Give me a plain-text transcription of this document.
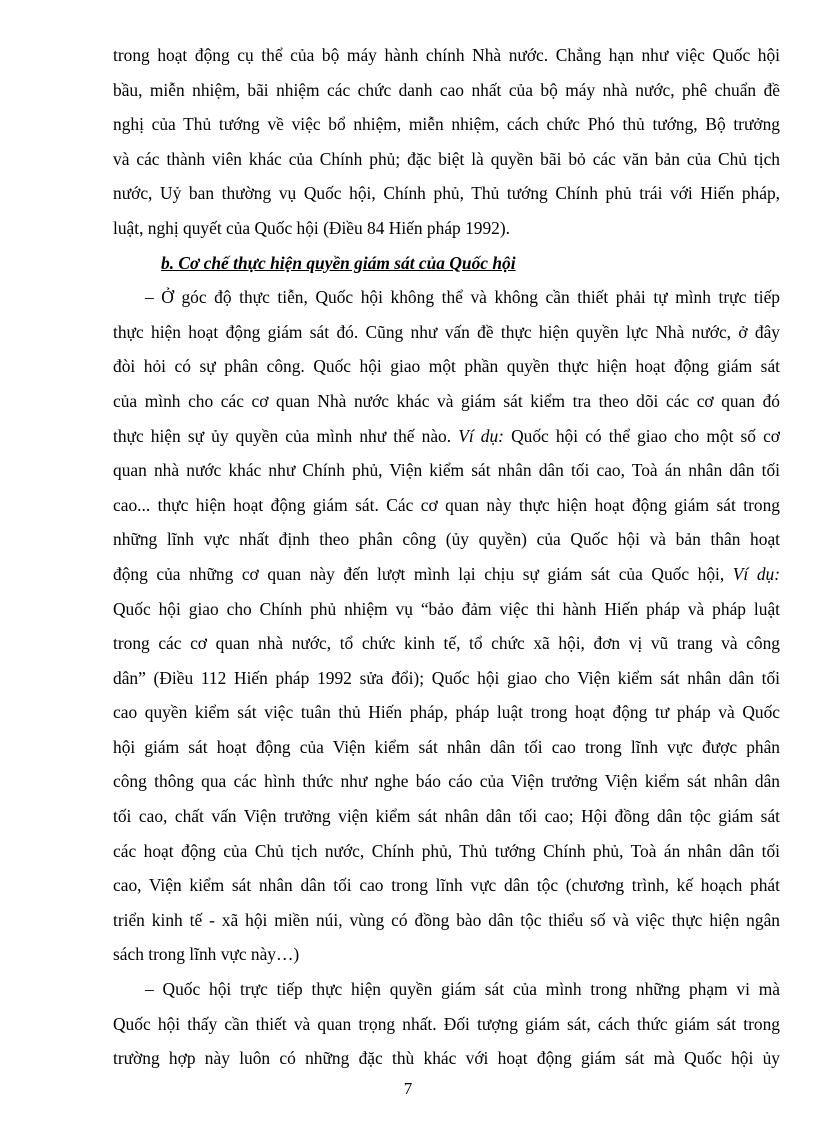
trong hoạt động cụ thể của bộ máy hành chính Nhà nước. Chẳng hạn như việc Quốc hội
bầu, miễn nhiệm, bãi nhiệm các chức danh cao nhất của bộ máy nhà nước, phê chuẩn đề
nghị của Thủ tướng về việc bổ nhiệm, miễn nhiệm, cách chức Phó thủ tướng, Bộ trưởng
và các thành viên khác của Chính phủ; đặc biệt là quyền bãi bỏ các văn bản của Chủ tịch
nước, Uỷ ban thường vụ Quốc hội, Chính phủ, Thủ tướng Chính phủ trái với Hiến pháp,
luật, nghị quyết của Quốc hội (Điều 84 Hiến pháp 1992).
b. Cơ chế thực hiện quyền giám sát của Quốc hội
– Ở góc độ thực tiễn, Quốc hội không thể và không cần thiết phải tự mình trực tiếp
thực hiện hoạt động giám sát đó. Cũng như vấn đề thực hiện quyền lực Nhà nước, ở đây
đòi hỏi có sự phân công. Quốc hội giao một phần quyền thực hiện hoạt động giám sát
của mình cho các cơ quan Nhà nước khác và giám sát kiểm tra theo dõi các cơ quan đó
thực hiện sự ủy quyền của mình như thế nào. Ví dụ: Quốc hội có thể giao cho một số cơ
quan nhà nước khác như Chính phủ, Viện kiểm sát nhân dân tối cao, Toà án nhân dân tối
cao... thực hiện hoạt động giám sát. Các cơ quan này thực hiện hoạt động giám sát trong
những lĩnh vực nhất định theo phân công (ủy quyền) của Quốc hội và bản thân hoạt
động của những cơ quan này đến lượt mình lại chịu sự giám sát của Quốc hội, Ví dụ:
Quốc hội giao cho Chính phủ nhiệm vụ “bảo đảm việc thi hành Hiến pháp và pháp luật
trong các cơ quan nhà nước, tổ chức kinh tế, tổ chức xã hội, đơn vị vũ trang và công
dân” (Điều 112 Hiến pháp 1992 sửa đổi); Quốc hội giao cho Viện kiểm sát nhân dân tối
cao quyền kiểm sát việc tuân thủ Hiến pháp, pháp luật trong hoạt động tư pháp và Quốc
hội giám sát hoạt động của Viện kiểm sát nhân dân tối cao trong lĩnh vực được phân
công thông qua các hình thức như nghe báo cáo của Viện trưởng Viện kiểm sát nhân dân
tối cao, chất vấn Viện trưởng viện kiểm sát nhân dân tối cao; Hội đồng dân tộc giám sát
các hoạt động của Chủ tịch nước, Chính phủ, Thủ tướng Chính phủ, Toà án nhân dân tối
cao, Viện kiểm sát nhân dân tối cao trong lĩnh vực dân tộc (chương trình, kế hoạch phát
triển kinh tế - xã hội miền núi, vùng có đồng bào dân tộc thiểu số và việc thực hiện ngân
sách trong lĩnh vực này…)
– Quốc hội trực tiếp thực hiện quyền giám sát của mình trong những phạm vi mà
Quốc hội thấy cần thiết và quan trọng nhất. Đối tượng giám sát, cách thức giám sát trong
trường hợp này luôn có những đặc thù khác với hoạt động giám sát mà Quốc hội ủy
7
